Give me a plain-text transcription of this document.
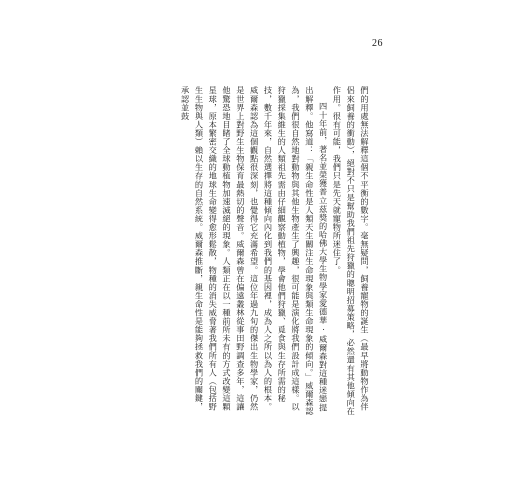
26

們的用處無法解釋這個不平衡的數字。毫無疑問，飼養寵物的誕生（最早將動物作為伴侶來飼養的衝動），絕對不只是幫助我們祖先狩獵的聰明招募策略，必然還有其他傾向在作用。很有可能，我們只是先天就寵物所迷住了。

四十年前，著名並榮獲普立茲獎的哈佛大學生物學家愛德華·威爾森對這種迷戀提出解釋。他寫道：「親生命性是人類天生關注生命現象與類生命現象的傾向。」威爾森認為，我們很自然地對動物與其他生物產生了興趣，很可能是演化將我們設計成這樣。以狩獵採集維生的人類祖先需由仔細觀察動植物，學會他們狩獵、覓食與生存所需的秘技，數千年來，自然選擇將這種傾向內化到我們的基因裡，成為人之所以為人的根本。威爾森認為這個觀點很深刻，也覺得它充滿希望。這位年過九旬的傑出生物學家，仍然是世界上對野生生物保育最熱切的聲音。威爾森曾在偏遠叢林從事田野調查多年，這讓他驚恐地目睹了全球動植物加速滅絕的現象。人類正在以一種前所未有的方式改變這顆星球，原本繁密交織的地球生命變得愈形鬆散，物種的消失威脅著我們所有人（包括野生生物與人類）賴以生存的自然系統。威爾森推斷，親生命性是能夠拯救我們的關鍵，承認並鼓
